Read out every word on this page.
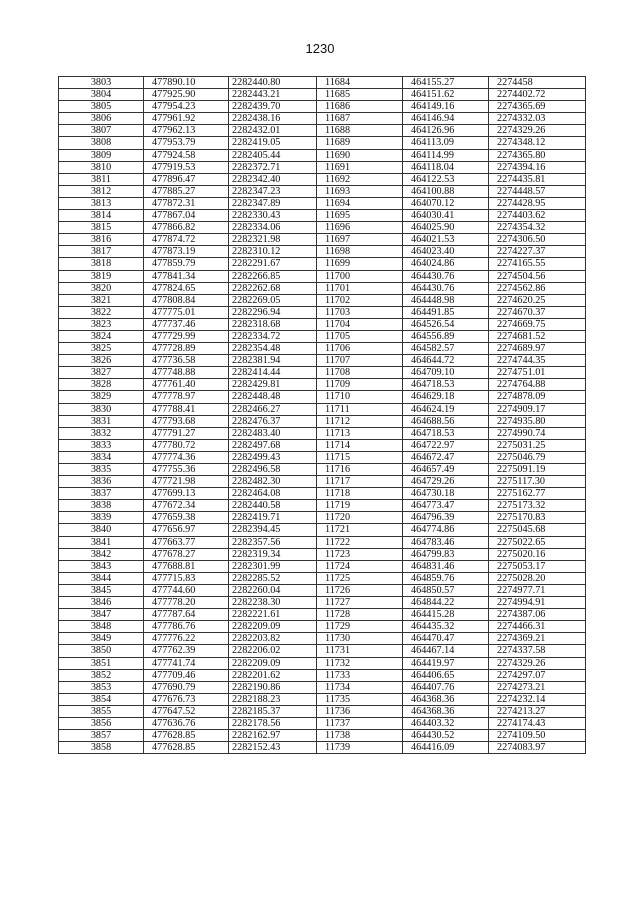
1230
3803	477890.10	2282440.80	11684	464155.27	2274458
3804	477925.90	2282443.21	11685	464151.62	2274402.72
3805	477954.23	2282439.70	11686	464149.16	2274365.69
3806	477961.92	2282438.16	11687	464146.94	2274332.03
3807	477962.13	2282432.01	11688	464126.96	2274329.26
3808	477953.79	2282419.05	11689	464113.09	2274348.12
3809	477924.58	2282405.44	11690	464114.99	2274365.80
3810	477919.53	2282372.71	11691	464118.04	2274394.16
3811	477896.47	2282342.40	11692	464122.53	2274435.81
3812	477885.27	2282347.23	11693	464100.88	2274448.57
3813	477872.31	2282347.89	11694	464070.12	2274428.95
3814	477867.04	2282330.43	11695	464030.41	2274403.62
3815	477866.82	2282334.06	11696	464025.90	2274354.32
3816	477874.72	2282321.98	11697	464021.53	2274306.50
3817	477873.19	2282310.12	11698	464023.40	2274227.37
3818	477859.79	2282291.67	11699	464024.86	2274165.55
3819	477841.34	2282266.85	11700	464430.76	2274504.56
3820	477824.65	2282262.68	11701	464430.76	2274562.86
3821	477808.84	2282269.05	11702	464448.98	2274620.25
3822	477775.01	2282296.94	11703	464491.85	2274670.37
3823	477737.46	2282318.68	11704	464526.54	2274669.75
3824	477729.99	2282334.72	11705	464556.89	2274681.52
3825	477728.89	2282354.48	11706	464582.57	2274689.97
3826	477736.58	2282381.94	11707	464644.72	2274744.35
3827	477748.88	2282414.44	11708	464709.10	2274751.01
3828	477761.40	2282429.81	11709	464718.53	2274764.88
3829	477778.97	2282448.48	11710	464629.18	2274878.09
3830	477788.41	2282466.27	11711	464624.19	2274909.17
3831	477793.68	2282476.37	11712	464688.56	2274935.80
3832	477791.27	2282483.40	11713	464718.53	2274990.74
3833	477780.72	2282497.68	11714	464722.97	2275031.25
3834	477774.36	2282499.43	11715	464672.47	2275046.79
3835	477755.36	2282496.58	11716	464657.49	2275091.19
3836	477721.98	2282482.30	11717	464729.26	2275117.30
3837	477699.13	2282464.08	11718	464730.18	2275162.77
3838	477672.34	2282440.58	11719	464773.47	2275173.32
3839	477659.38	2282419.71	11720	464796.39	2275170.83
3840	477656.97	2282394.45	11721	464774.86	2275045.68
3841	477663.77	2282357.56	11722	464783.46	2275022.65
3842	477678.27	2282319.34	11723	464799.83	2275020.16
3843	477688.81	2282301.99	11724	464831.46	2275053.17
3844	477715.83	2282285.52	11725	464859.76	2275028.20
3845	477744.60	2282260.04	11726	464850.57	2274977.71
3846	477778.20	2282238.30	11727	464844.22	2274994.91
3847	477787.64	2282221.61	11728	464415.28	2274387.06
3848	477786.76	2282209.09	11729	464435.32	2274466.31
3849	477776.22	2282203.82	11730	464470.47	2274369.21
3850	477762.39	2282206.02	11731	464467.14	2274337.58
3851	477741.74	2282209.09	11732	464419.97	2274329.26
3852	477709.46	2282201.62	11733	464406.65	2274297.07
3853	477690.79	2282190.86	11734	464407.76	2274273.21
3854	477676.73	2282188.23	11735	464368.36	2274232.14
3855	477647.52	2282185.37	11736	464368.36	2274213.27
3856	477636.76	2282178.56	11737	464403.32	2274174.43
3857	477628.85	2282162.97	11738	464430.52	2274109.50
3858	477628.85	2282152.43	11739	464416.09	2274083.97
